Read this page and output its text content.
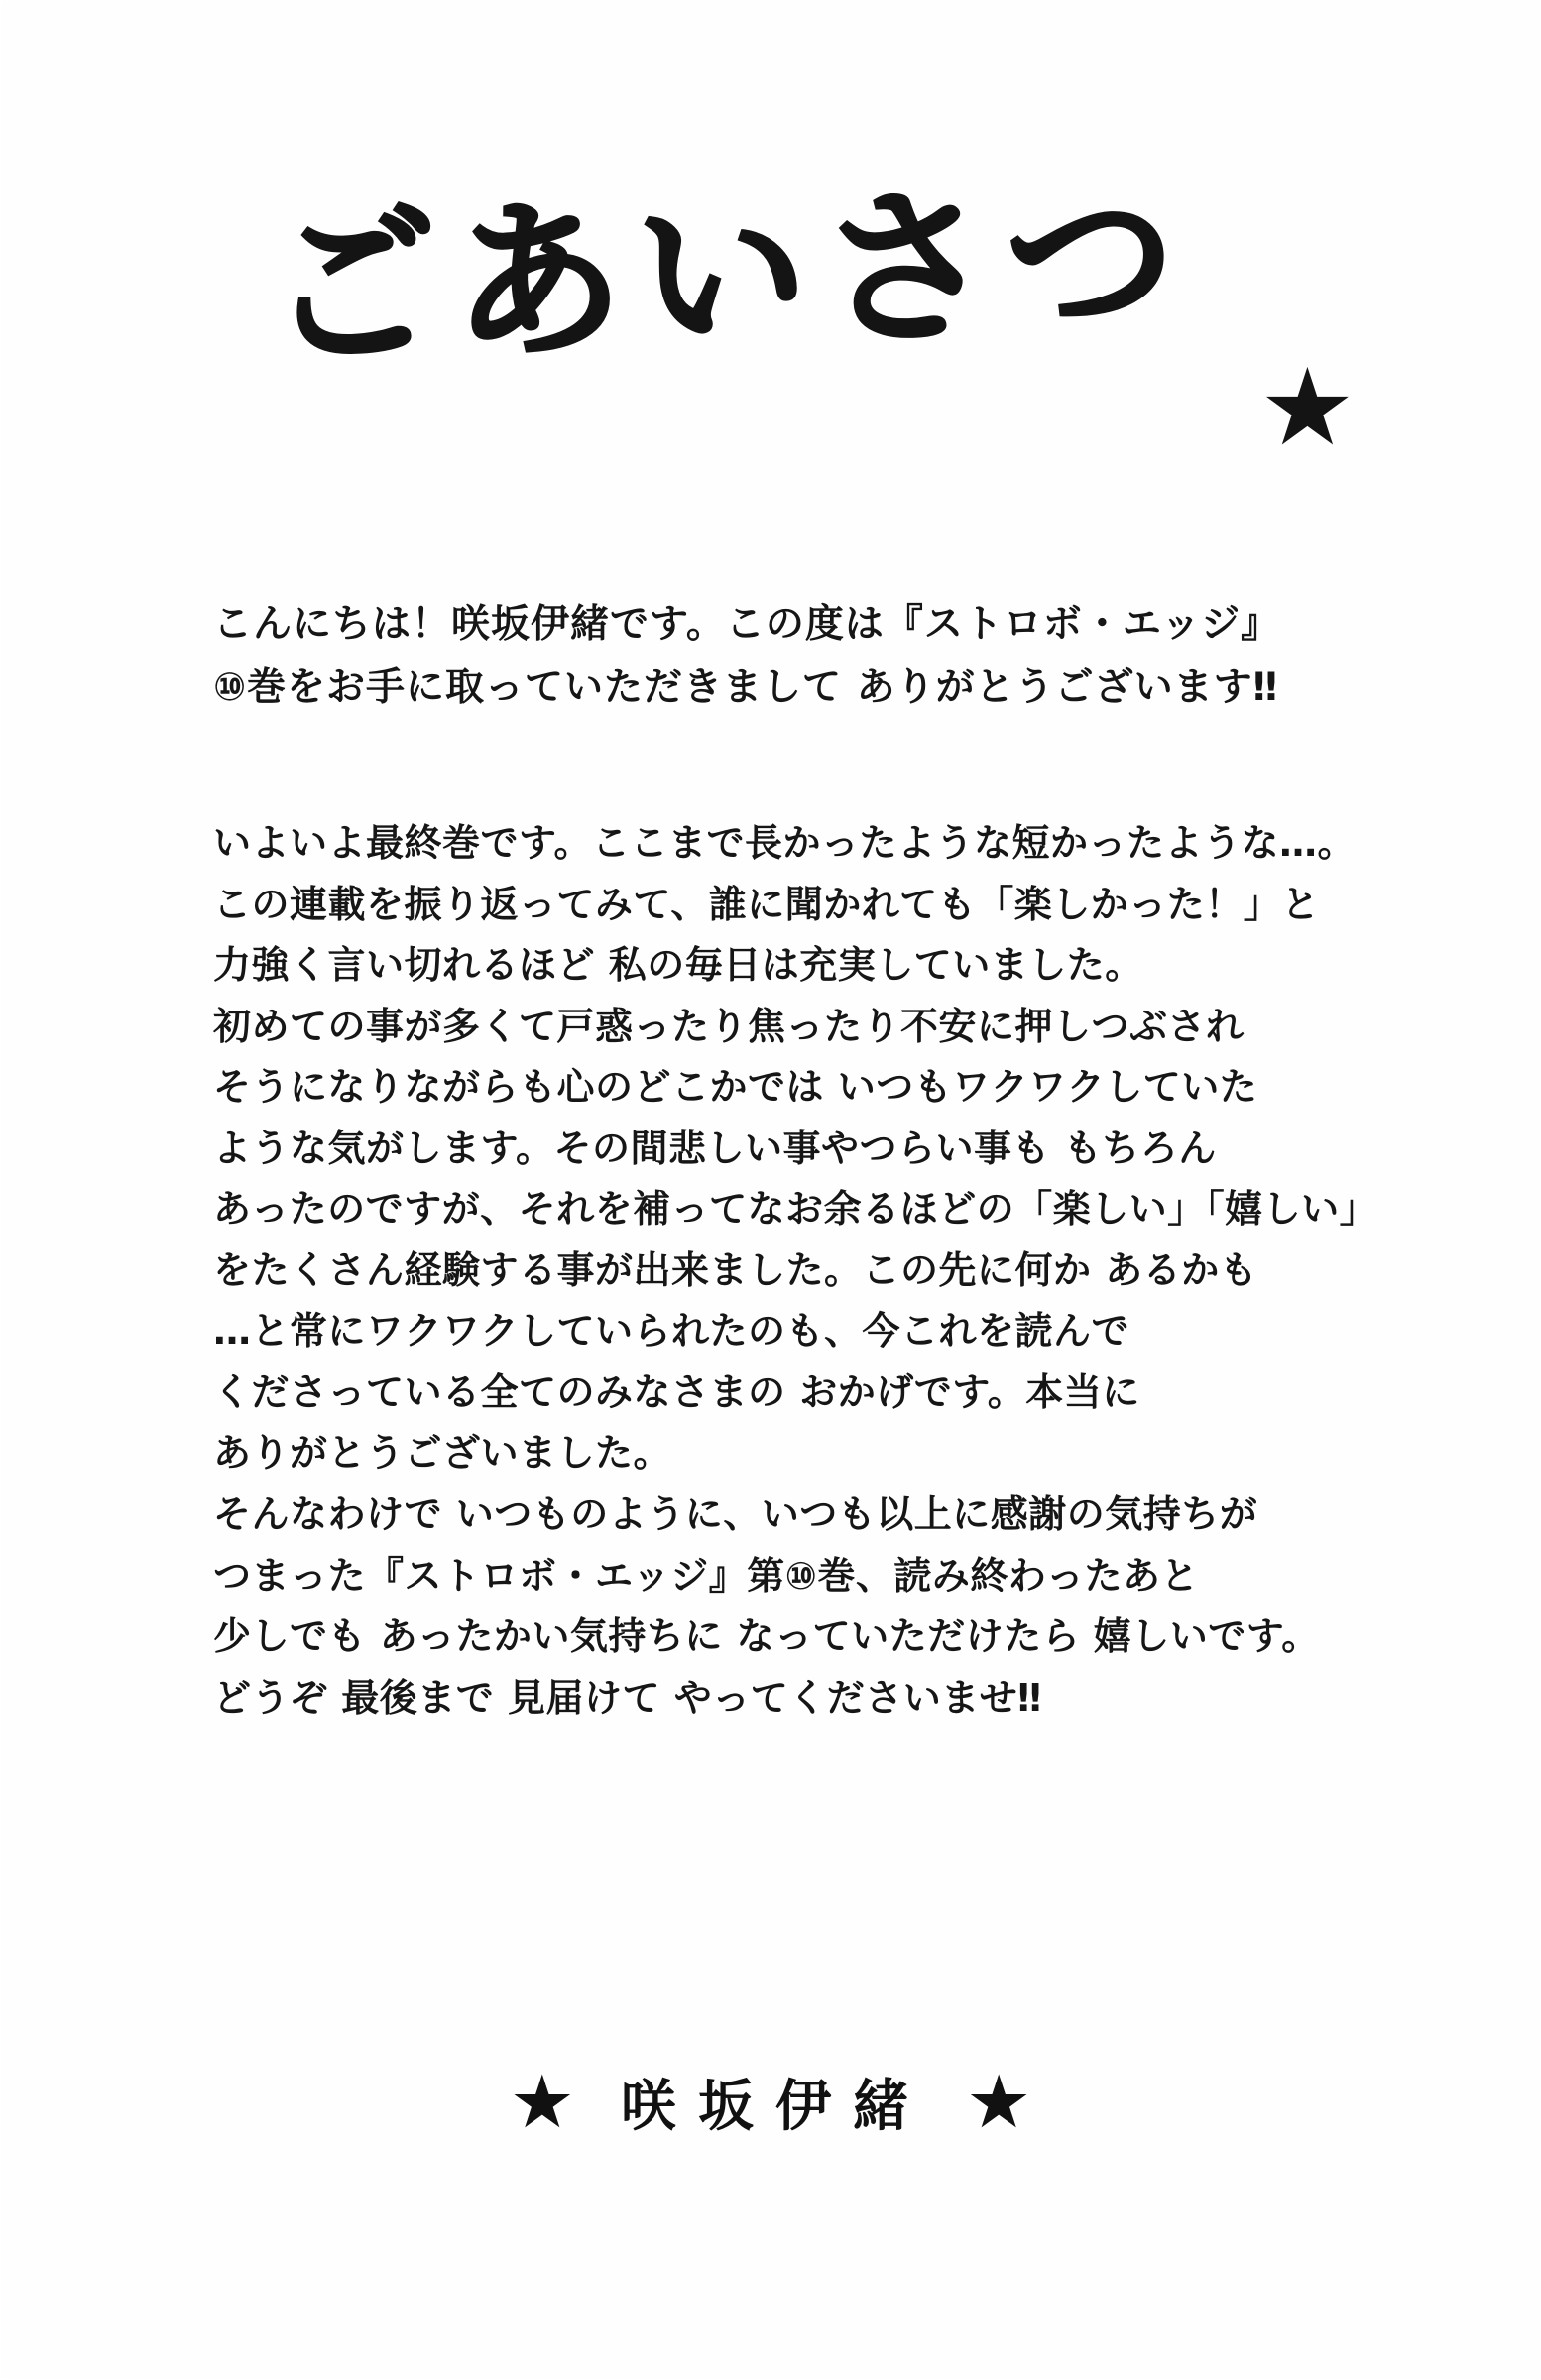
ごあいさつ
★

こんにちは！咲坂伊緒です。この度は『ストロボ・エッジ』

⑩巻をお手に取っていただきまして ありがとうございます‼

いよいよ最終巻です。ここまで長かったような短かったような…。

この連載を振り返ってみて、誰に聞かれても「楽しかった！」と

力強く言い切れるほど 私の毎日は充実していました。

初めての事が多くて戸惑ったり焦ったり不安に押しつぶされ

そうになりながらも心のどこかでは いつもワクワクしていた

ような気がします。その間悲しい事やつらい事も もちろん

あったのですが、それを補ってなお余るほどの「楽しい」「嬉しい」

をたくさん経験する事が出来ました。この先に何か あるかも

…と常にワクワクしていられたのも、今これを読んで

くださっている全てのみなさまの おかげです。本当に

ありがとうございました。

そんなわけで いつものように、いつも以上に感謝の気持ちが

つまった『ストロボ・エッジ』第⑩巻、読み終わったあと

少しでも あったかい気持ちに なっていただけたら 嬉しいです。

どうぞ 最後まで 見届けて やってくださいませ‼

★ 咲坂伊緒 ★
